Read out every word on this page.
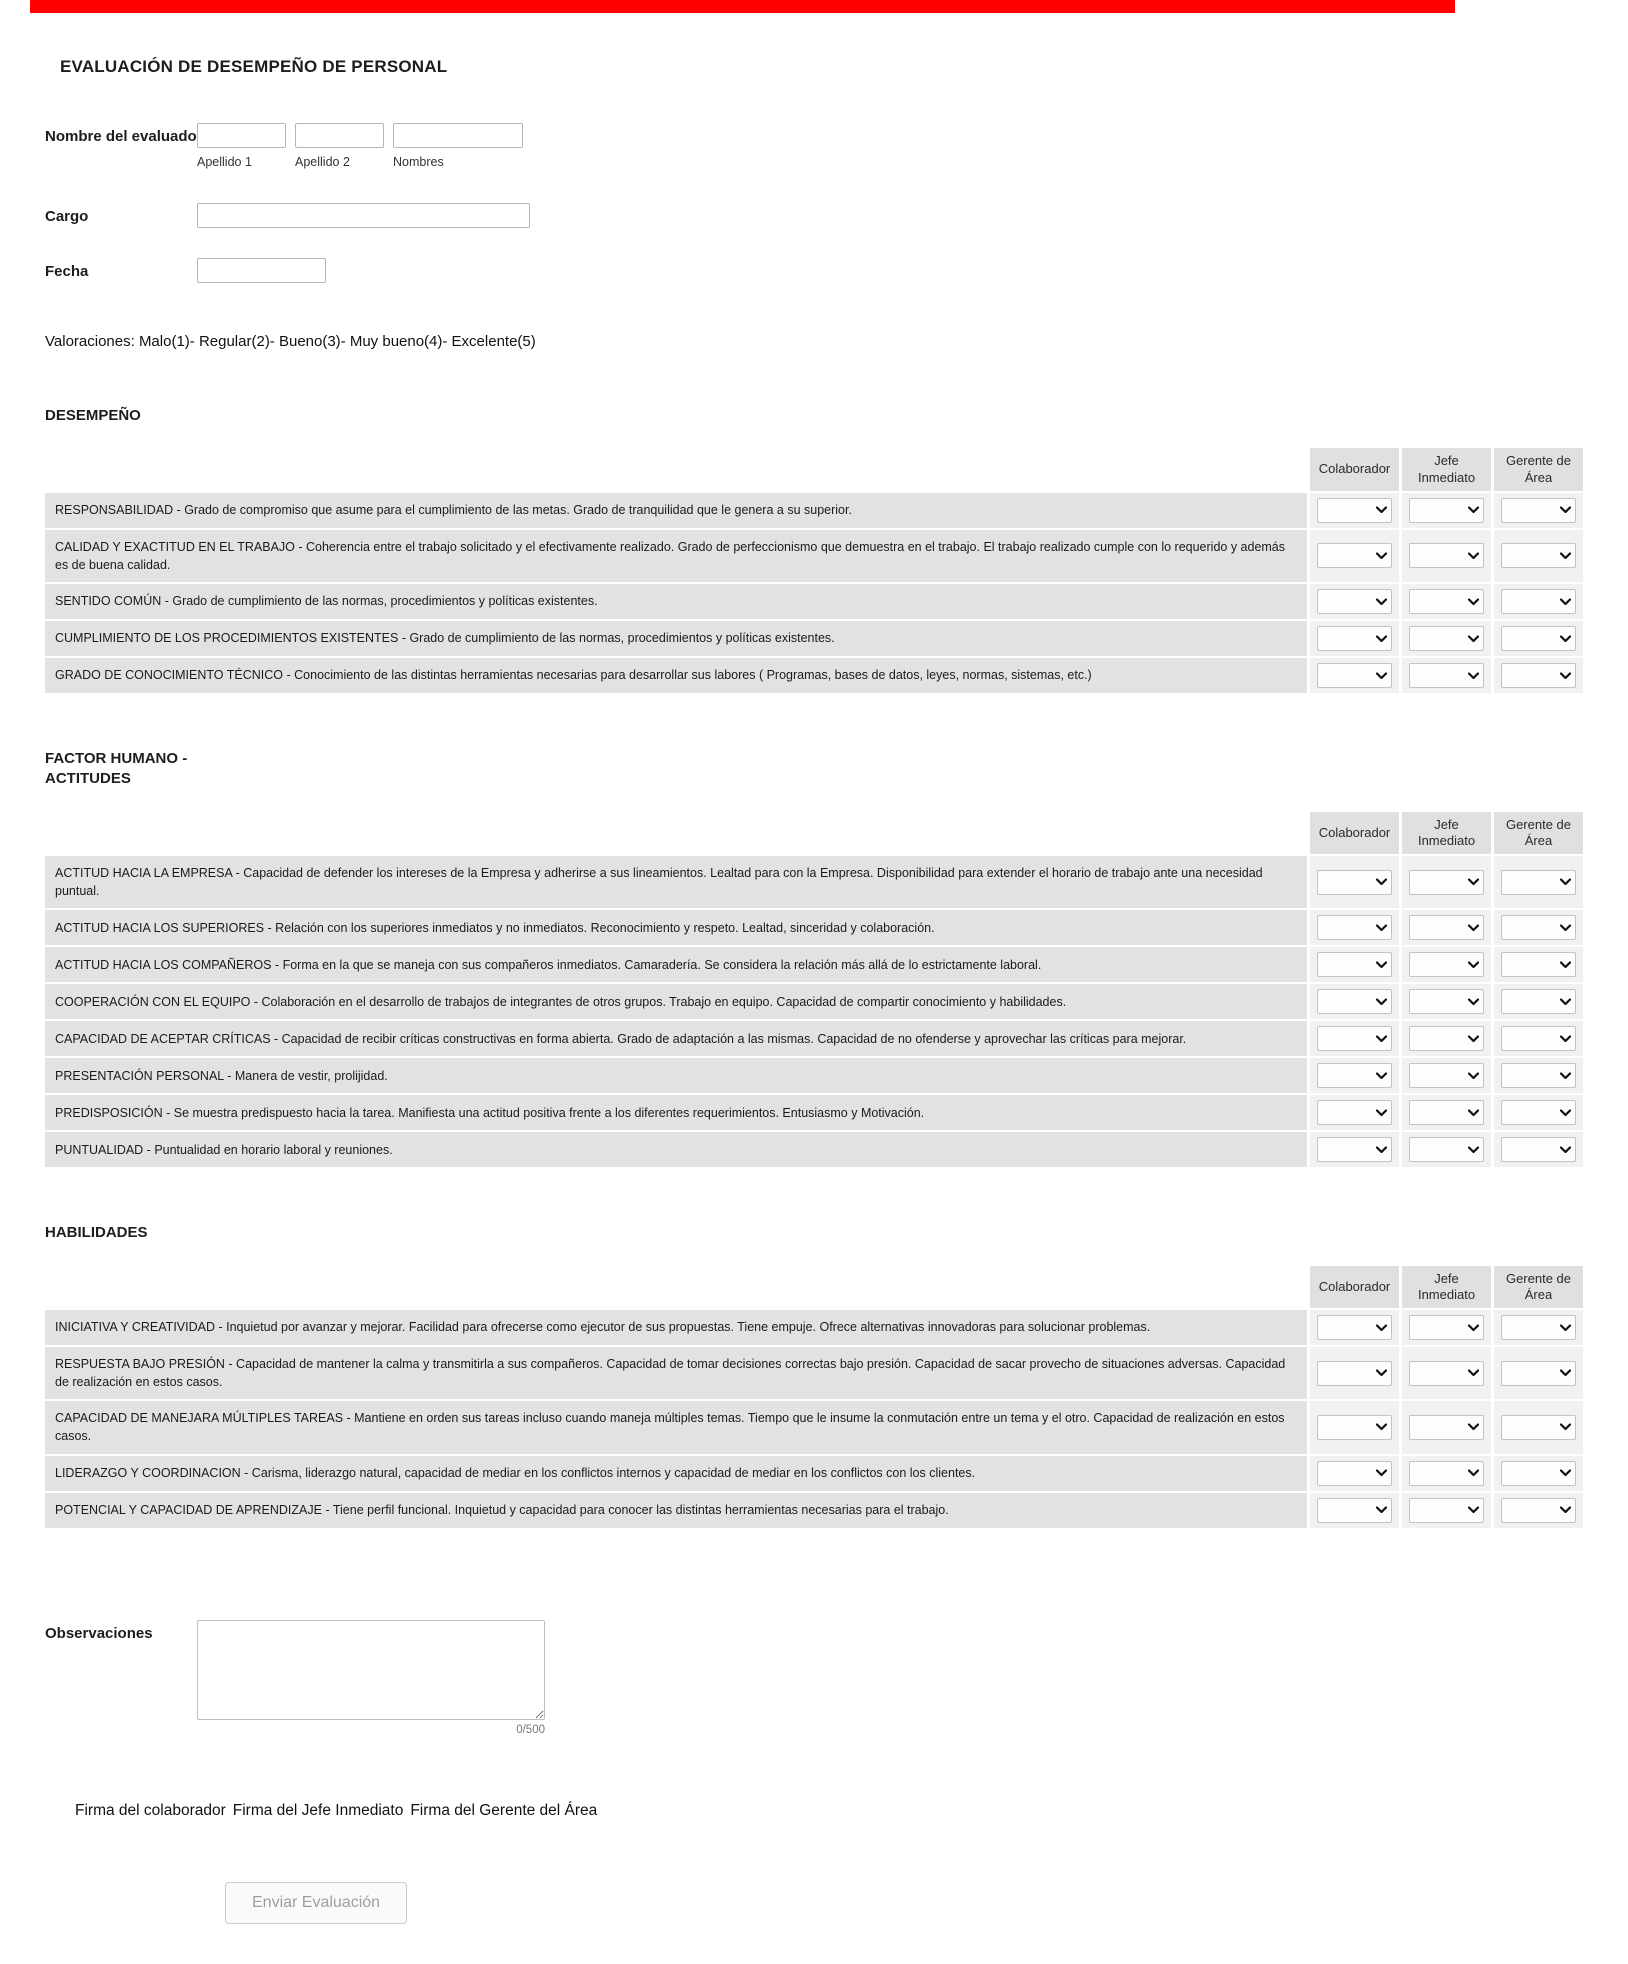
EVALUACIÓN DE DESEMPEÑO DE PERSONAL
Nombre del evaluado
Apellido 1	Apellido 2	Nombres
Cargo
Fecha
Valoraciones: Malo(1)- Regular(2)- Bueno(3)- Muy bueno(4)- Excelente(5)
DESEMPEÑO
Colaborador
Jefe Inmediato
Gerente de Área
RESPONSABILIDAD - Grado de compromiso que asume para el cumplimiento de las metas. Grado de tranquilidad que le genera a su superior.
CALIDAD Y EXACTITUD EN EL TRABAJO - Coherencia entre el trabajo solicitado y el efectivamente realizado. Grado de perfeccionismo que demuestra en el trabajo. El trabajo realizado cumple con lo requerido y además es de buena calidad.
SENTIDO COMÚN - Grado de cumplimiento de las normas, procedimientos y políticas existentes.
CUMPLIMIENTO DE LOS PROCEDIMIENTOS EXISTENTES - Grado de cumplimiento de las normas, procedimientos y políticas existentes.
GRADO DE CONOCIMIENTO TÉCNICO - Conocimiento de las distintas herramientas necesarias para desarrollar sus labores ( Programas, bases de datos, leyes, normas, sistemas, etc.)
FACTOR HUMANO -
ACTITUDES
Colaborador
Jefe Inmediato
Gerente de Área
ACTITUD HACIA LA EMPRESA - Capacidad de defender los intereses de la Empresa y adherirse a sus lineamientos. Lealtad para con la Empresa. Disponibilidad para extender el horario de trabajo ante una necesidad puntual.
ACTITUD HACIA LOS SUPERIORES - Relación con los superiores inmediatos y no inmediatos. Reconocimiento y respeto. Lealtad, sinceridad y colaboración.
ACTITUD HACIA LOS COMPAÑEROS - Forma en la que se maneja con sus compañeros inmediatos. Camaradería. Se considera la relación más allá de lo estrictamente laboral.
COOPERACIÓN CON EL EQUIPO - Colaboración en el desarrollo de trabajos de integrantes de otros grupos. Trabajo en equipo. Capacidad de compartir conocimiento y habilidades.
CAPACIDAD DE ACEPTAR CRÍTICAS - Capacidad de recibir críticas constructivas en forma abierta. Grado de adaptación a las mismas. Capacidad de no ofenderse y aprovechar las críticas para mejorar.
PRESENTACIÓN PERSONAL - Manera de vestir, prolijidad.
PREDISPOSICIÓN - Se muestra predispuesto hacia la tarea. Manifiesta una actitud positiva frente a los diferentes requerimientos. Entusiasmo y Motivación.
PUNTUALIDAD - Puntualidad en horario laboral y reuniones.
HABILIDADES
Colaborador
Jefe Inmediato
Gerente de Área
INICIATIVA Y CREATIVIDAD - Inquietud por avanzar y mejorar. Facilidad para ofrecerse como ejecutor de sus propuestas. Tiene empuje. Ofrece alternativas innovadoras para solucionar problemas.
RESPUESTA BAJO PRESIÓN - Capacidad de mantener la calma y transmitirla a sus compañeros. Capacidad de tomar decisiones correctas bajo presión. Capacidad de sacar provecho de situaciones adversas. Capacidad de realización en estos casos.
CAPACIDAD DE MANEJARA MÚLTIPLES TAREAS - Mantiene en orden sus tareas incluso cuando maneja múltiples temas. Tiempo que le insume la conmutación entre un tema y el otro. Capacidad de realización en estos casos.
LIDERAZGO Y COORDINACION - Carisma, liderazgo natural, capacidad de mediar en los conflictos internos y capacidad de mediar en los conflictos con los clientes.
POTENCIAL Y CAPACIDAD DE APRENDIZAJE - Tiene perfil funcional. Inquietud y capacidad para conocer las distintas herramientas necesarias para el trabajo.
Observaciones
0/500
Firma del colaborador Firma del Jefe Inmediato Firma del Gerente del Área
Enviar Evaluación
